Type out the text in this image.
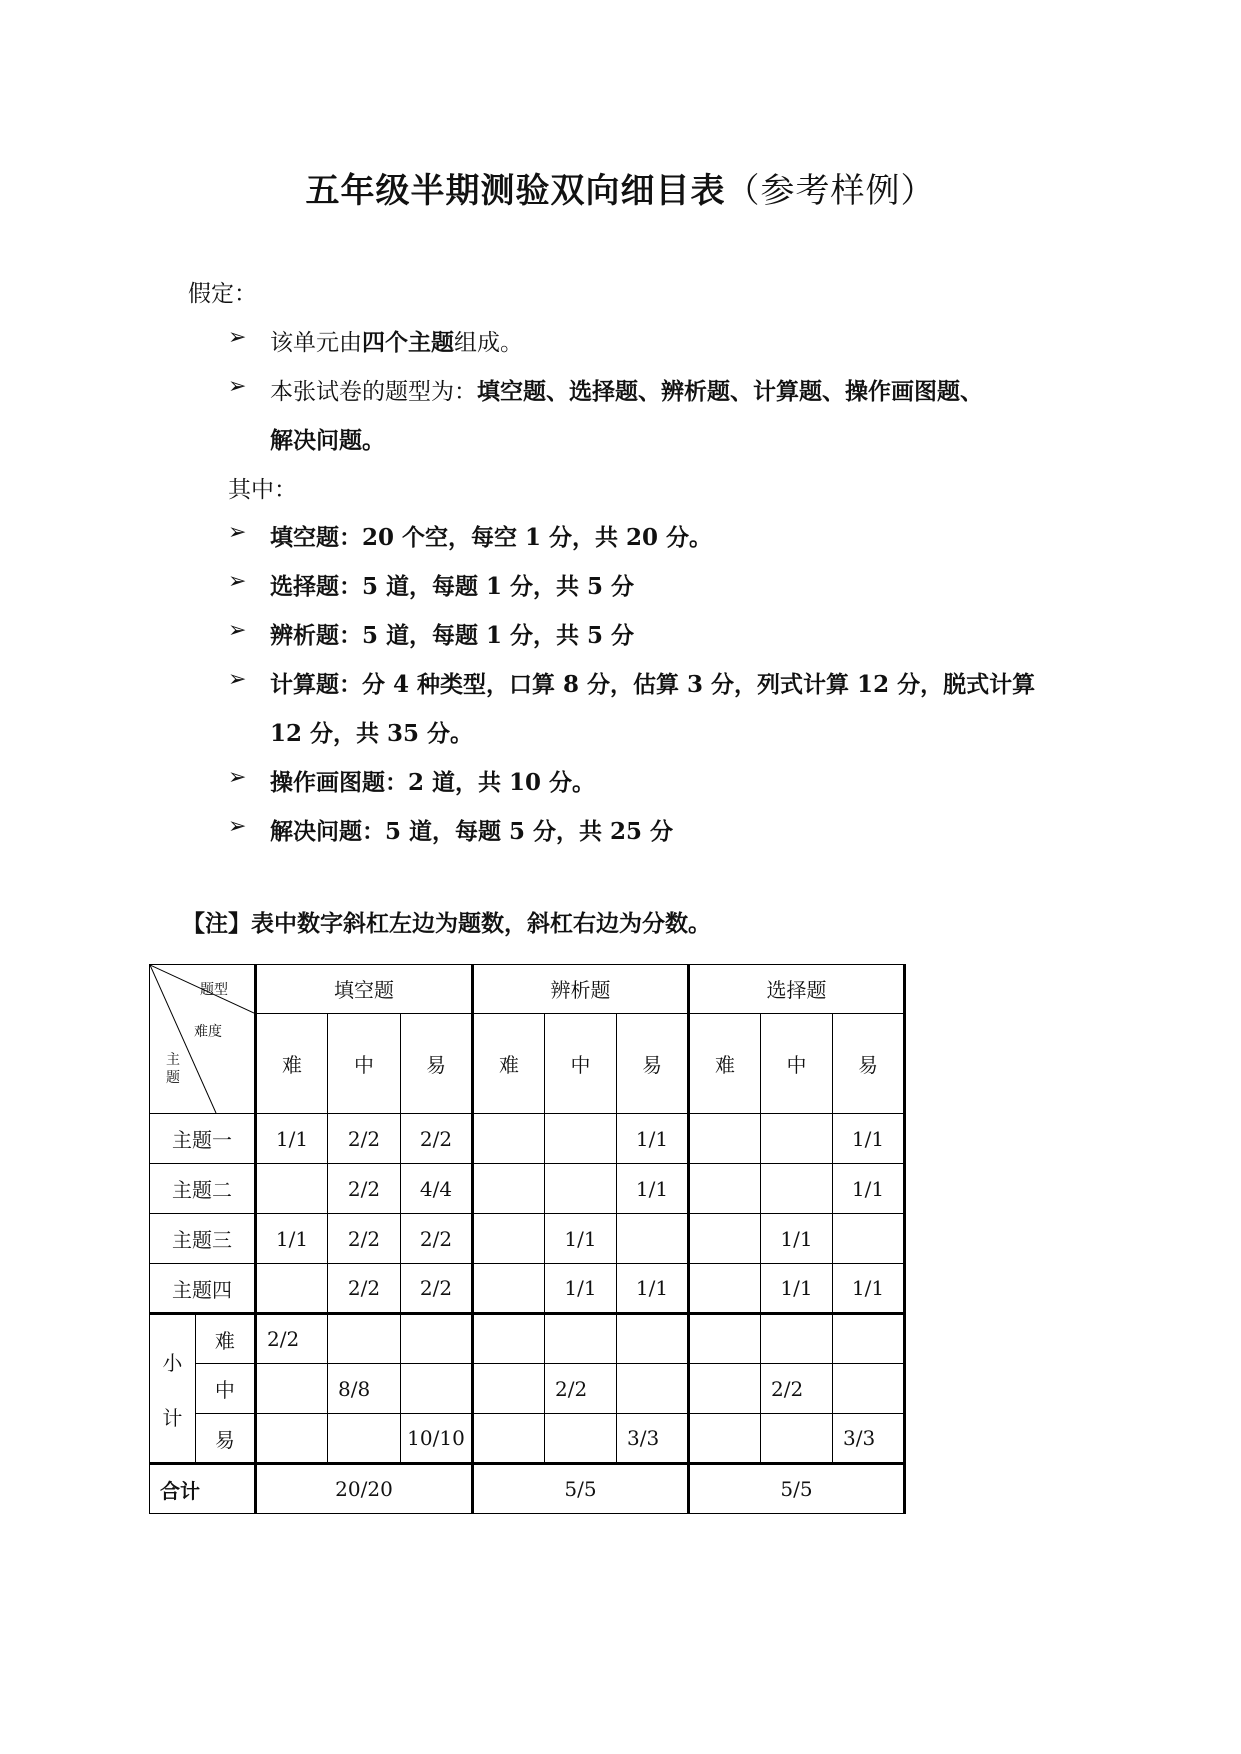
五年级半期测验双向细目表（参考样例）
假定：
➢ 该单元由四个主题组成。
➢ 本张试卷的题型为：填空题、选择题、辨析题、计算题、操作画图题、
解决问题。
其中：
➢ 填空题：20 个空，每空 1 分，共 20 分。
➢ 选择题：5 道，每题 1 分，共 5 分
➢ 辨析题：5 道，每题 1 分，共 5 分
➢ 计算题：分 4 种类型，口算 8 分，估算 3 分，列式计算 12 分，脱式计算
12 分，共 35 分。
➢ 操作画图题：2 道，共 10 分。
➢ 解决问题：5 道，每题 5 分，共 25 分
【注】表中数字斜杠左边为题数，斜杠右边为分数。
题型
难度
主
题		填空题			辨析题			选择题		
		难	中	易	难	中	易	难	中	易
主题一		1/1	2/2	2/2			1/1			1/1
主题二			2/2	4/4			1/1			1/1
主题三		1/1	2/2	2/2		1/1			1/1	
主题四			2/2	2/2		1/1	1/1		1/1	1/1

小
计	难	2/2								
	中		8/8			2/2			2/2	
	易			10/10			3/3			3/3
合计		20/20			5/5			5/5		
